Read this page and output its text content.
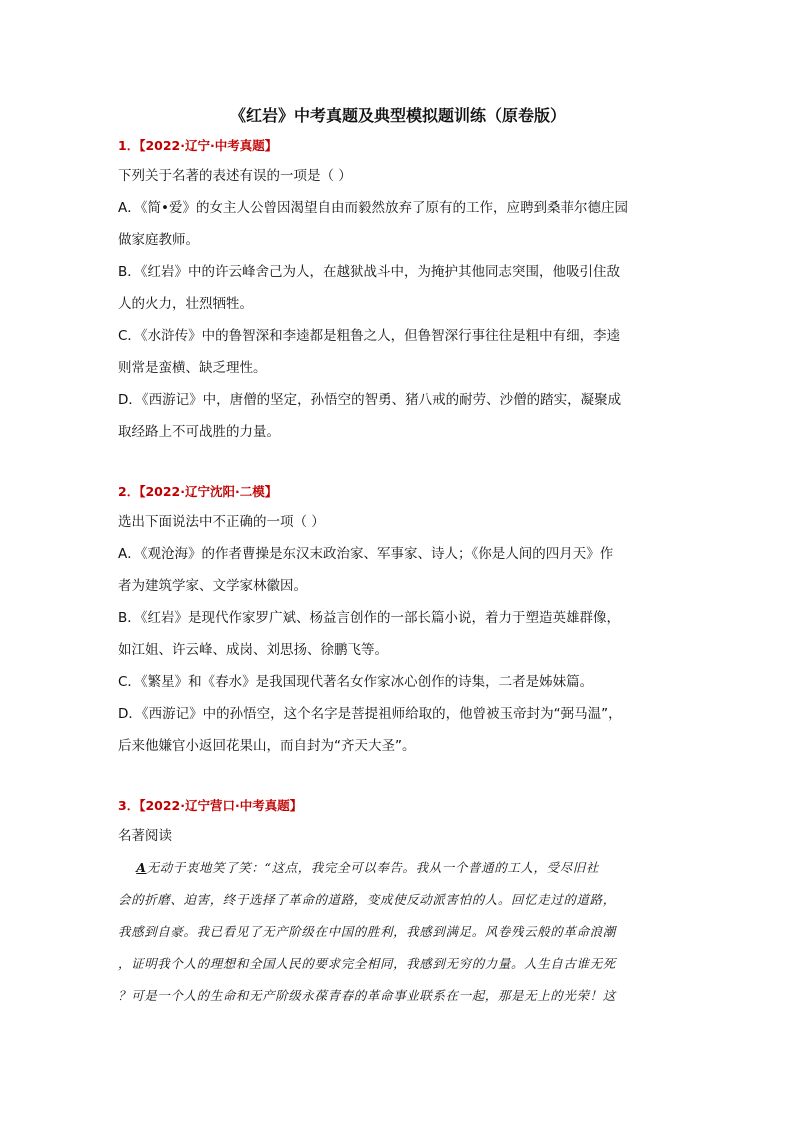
《红岩》中考真题及典型模拟题训练（原卷版）
1．【2022·辽宁·中考真题】
下列关于名著的表述有误的一项是（ ）
A．《简•爱》的女主人公曾因渴望自由而毅然放弃了原有的工作，应聘到桑菲尔德庄园
做家庭教师。
B．《红岩》中的许云峰舍己为人，在越狱战斗中，为掩护其他同志突围，他吸引住敌
人的火力，壮烈牺牲。
C．《水浒传》中的鲁智深和李逵都是粗鲁之人，但鲁智深行事往往是粗中有细，李逵
则常是蛮横、缺乏理性。
D．《西游记》中，唐僧的坚定，孙悟空的智勇、猪八戒的耐劳、沙僧的踏实，凝聚成
取经路上不可战胜的力量。
2．【2022·辽宁沈阳·二模】
选出下面说法中不正确的一项（ ）
A．《观沧海》的作者曹操是东汉末政治家、军事家、诗人；《你是人间的四月天》作
者为建筑学家、文学家林徽因。
B．《红岩》是现代作家罗广斌、杨益言创作的一部长篇小说，着力于塑造英雄群像，
如江姐、许云峰、成岗、刘思扬、徐鹏飞等。
C．《繁星》和《春水》是我国现代著名女作家冰心创作的诗集，二者是姊妹篇。
D．《西游记》中的孙悟空，这个名字是菩提祖师给取的，他曾被玉帝封为“弼马温”，
后来他嫌官小返回花果山，而自封为“齐天大圣”。
3．【2022·辽宁营口·中考真题】
名著阅读
A无动于衷地笑了笑：“这点，我完全可以奉告。我从一个普通的工人，受尽旧社
会的折磨、迫害，终于选择了革命的道路，变成使反动派害怕的人。回忆走过的道路，
我感到自豪。我已看见了无产阶级在中国的胜利，我感到满足。风卷残云般的革命浪潮
，证明我个人的理想和全国人民的要求完全相同，我感到无穷的力量。人生自古谁无死
？可是一个人的生命和无产阶级永葆青春的革命事业联系在一起，那是无上的光荣！这
